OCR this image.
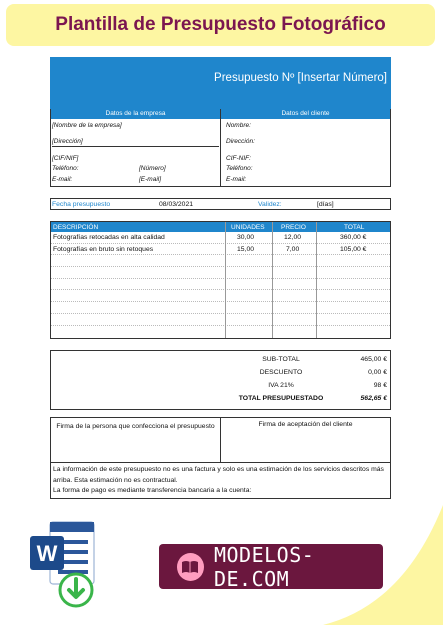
Plantilla de Presupuesto Fotográfico
Presupuesto Nº [Insertar Número]
Datos de la empresa
[Nombre de la empresa]
[Dirección]
[CIF/NIF]
Teléfono:	[Número]
E-mail:	[E-mail]
Datos del cliente
Nombre:
Dirección:
CIF-NIF:
Teléfono:
E-mail:
Fecha presupuesto	08/03/2021	Validez:	[días]
DESCRIPCIÓN	UNIDADES	PRECIO	TOTAL
Fotografías retocadas en alta calidad	30,00	12,00	360,00 €
Fotografías en bruto sin retoques	15,00	7,00	105,00 €
SUB-TOTAL	465,00 €
DESCUENTO	0,00 €
IVA 21%	98 €
TOTAL PRESUPUESTADO	562,65 €
Firma de la persona que confecciona el presupuesto	Firma de aceptación del cliente
La información de este presupuesto no es una factura y solo es una estimación de los servicios descritos más arriba. Esta estimación no es contractual.
La forma de pago es mediante transferencia bancaria a la cuenta:
W	MODELOS-DE.COM
